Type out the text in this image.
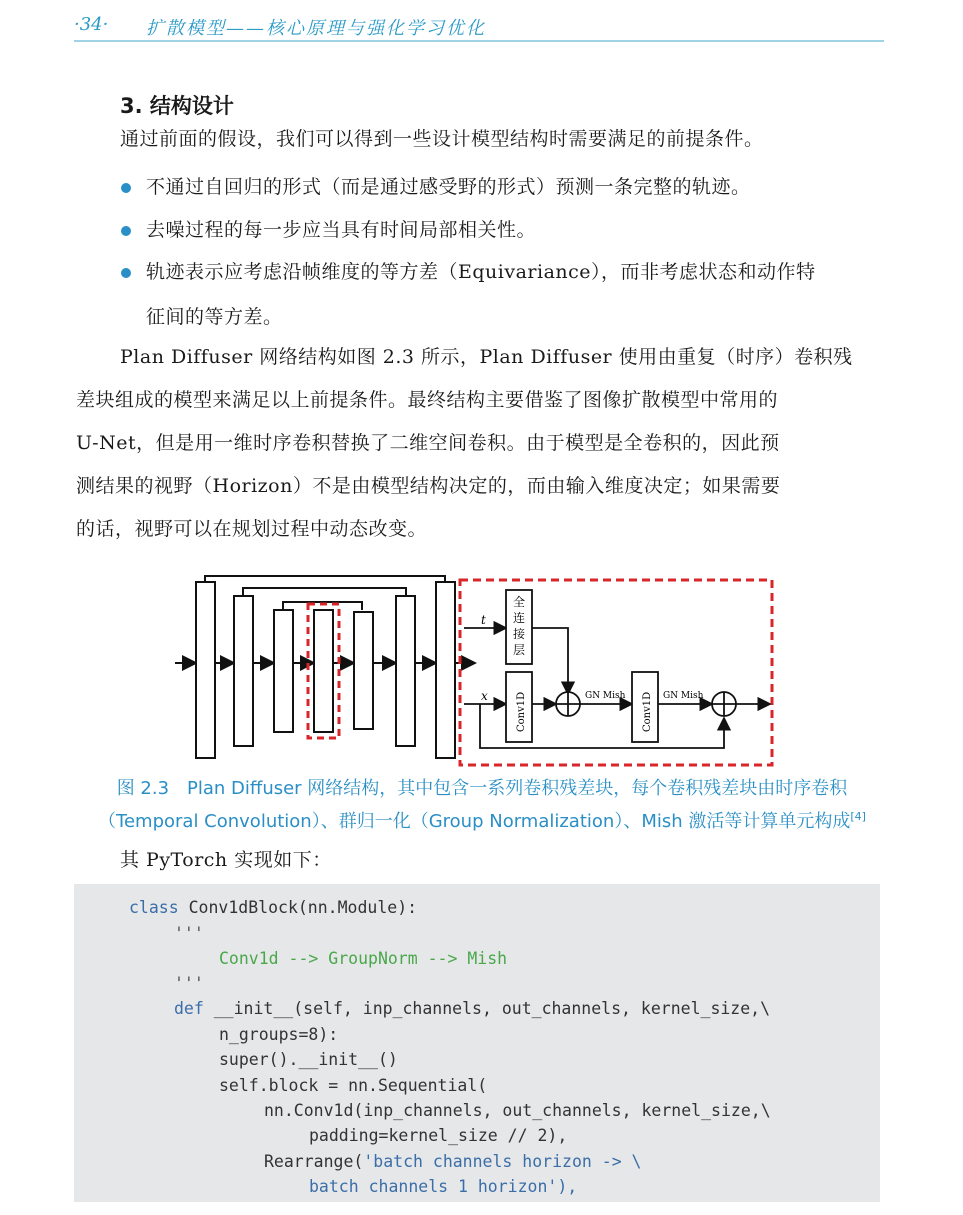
·34· 扩散模型——核心原理与强化学习优化
3. 结构设计
通过前面的假设，我们可以得到一些设计模型结构时需要满足的前提条件。
不通过自回归的形式（而是通过感受野的形式）预测一条完整的轨迹。
去噪过程的每一步应当具有时间局部相关性。
轨迹表示应考虑沿帧维度的等方差（Equivariance），而非考虑状态和动作特
征间的等方差。
Plan Diffuser 网络结构如图 2.3 所示，Plan Diffuser 使用由重复（时序）卷积残
差块组成的模型来满足以上前提条件。最终结构主要借鉴了图像扩散模型中常用的
U-Net，但是用一维时序卷积替换了二维空间卷积。由于模型是全卷积的，因此预
测结果的视野（Horizon）不是由模型结构决定的，而由输入维度决定；如果需要
的话，视野可以在规划过程中动态改变。
t
x
全
连
接
层
Conv1D	Conv1D
GN Mish	GN Mish
图 2.3　Plan Diffuser 网络结构，其中包含一系列卷积残差块，每个卷积残差块由时序卷积
（Temporal Convolution）、群归一化（Group Normalization）、Mish 激活等计算单元构成[4]
其 PyTorch 实现如下：
class Conv1dBlock(nn.Module):
'''
Conv1d --> GroupNorm --> Mish
'''
def __init__(self, inp_channels, out_channels, kernel_size,\
n_groups=8):
super().__init__()
self.block = nn.Sequential(
nn.Conv1d(inp_channels, out_channels, kernel_size,\
padding=kernel_size // 2),
Rearrange('batch channels horizon -> \
batch channels 1 horizon'),
